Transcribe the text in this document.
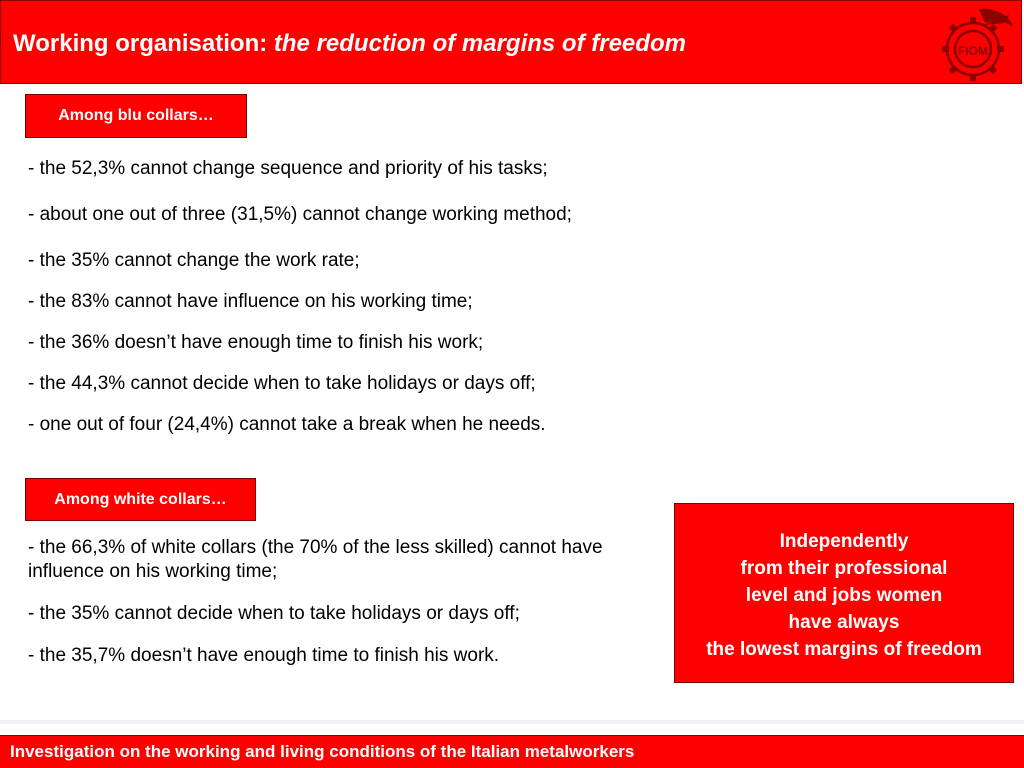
Working organisation: the reduction of margins of freedom	FIOM
Among blu collars…
- the 52,3% cannot change sequence and priority of his tasks;
- about one out of three (31,5%) cannot change working method;
- the 35% cannot change the work rate;
- the 83% cannot have influence on his working time;
- the 36% doesn’t have enough time to finish his work;
- the 44,3% cannot decide when to take holidays or days off;
- one out of four (24,4%) cannot take a break when he needs.
Among white collars…
- the 66,3% of white collars (the 70% of the less skilled) cannot have influence on his working time;
- the 35% cannot decide when to take holidays or days off;
- the 35,7% doesn’t have enough time to finish his work.
Independently
from their professional
level and jobs women
have always
the lowest margins of freedom
Investigation on the working and living conditions of the Italian metalworkers
